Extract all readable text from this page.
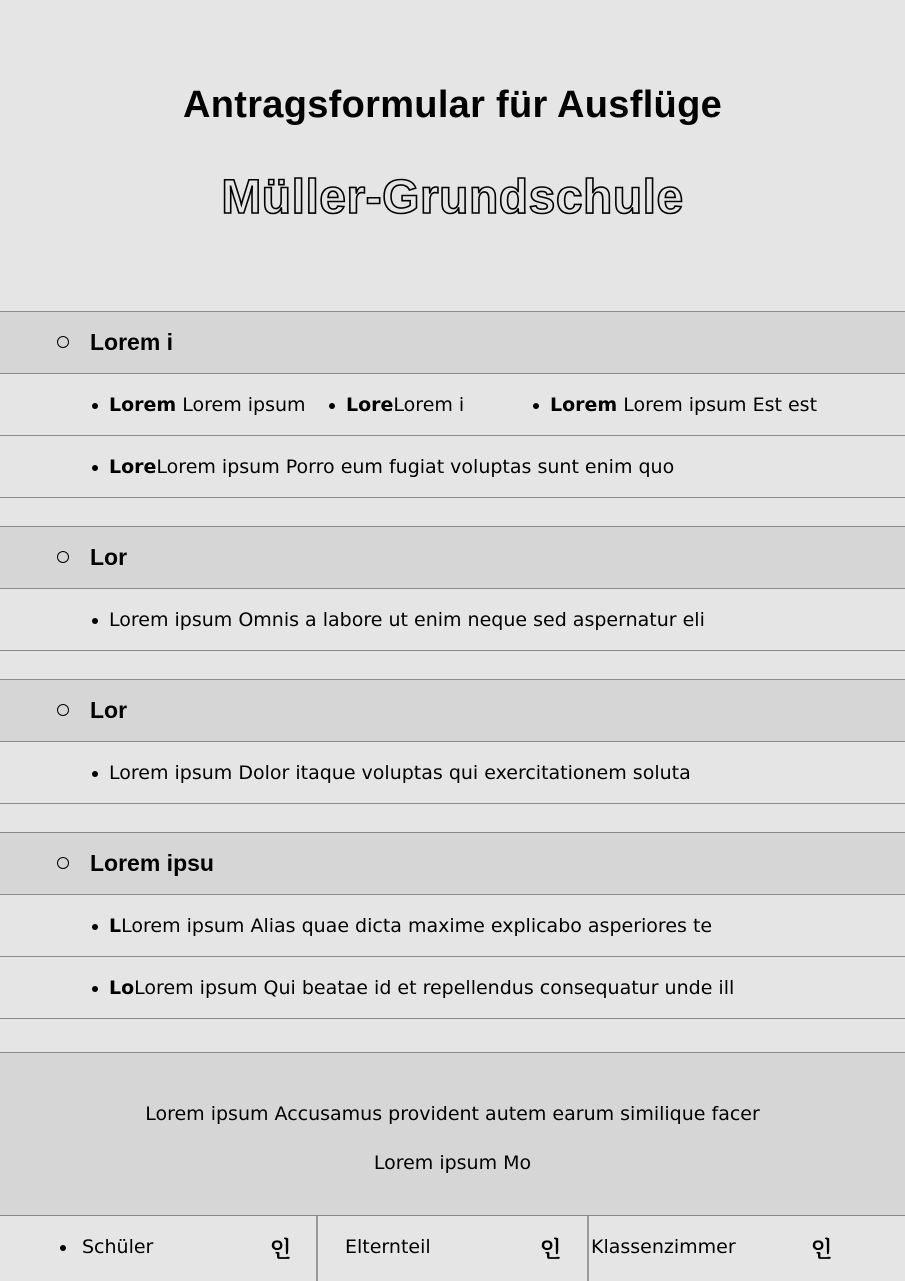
Antragsformular für Ausflüge
Müller-Grundschule
Lorem i
Lorem Lorem ipsum LoreLorem i	Lorem Lorem ipsum Est est
LoreLorem ipsum Porro eum fugiat voluptas sunt enim quo
Lor
Lorem ipsum Omnis a labore ut enim neque sed aspernatur eli
Lor
Lorem ipsum Dolor itaque voluptas qui exercitationem soluta
Lorem ipsu
LLorem ipsum Alias quae dicta maxime explicabo asperiores te
LoLorem ipsum Qui beatae id et repellendus consequatur unde ill
Lorem ipsum Accusamus provident autem earum similique facer
Lorem ipsum Mo
Schüler	인	Elternteil	인 Klassenzimmer	인
